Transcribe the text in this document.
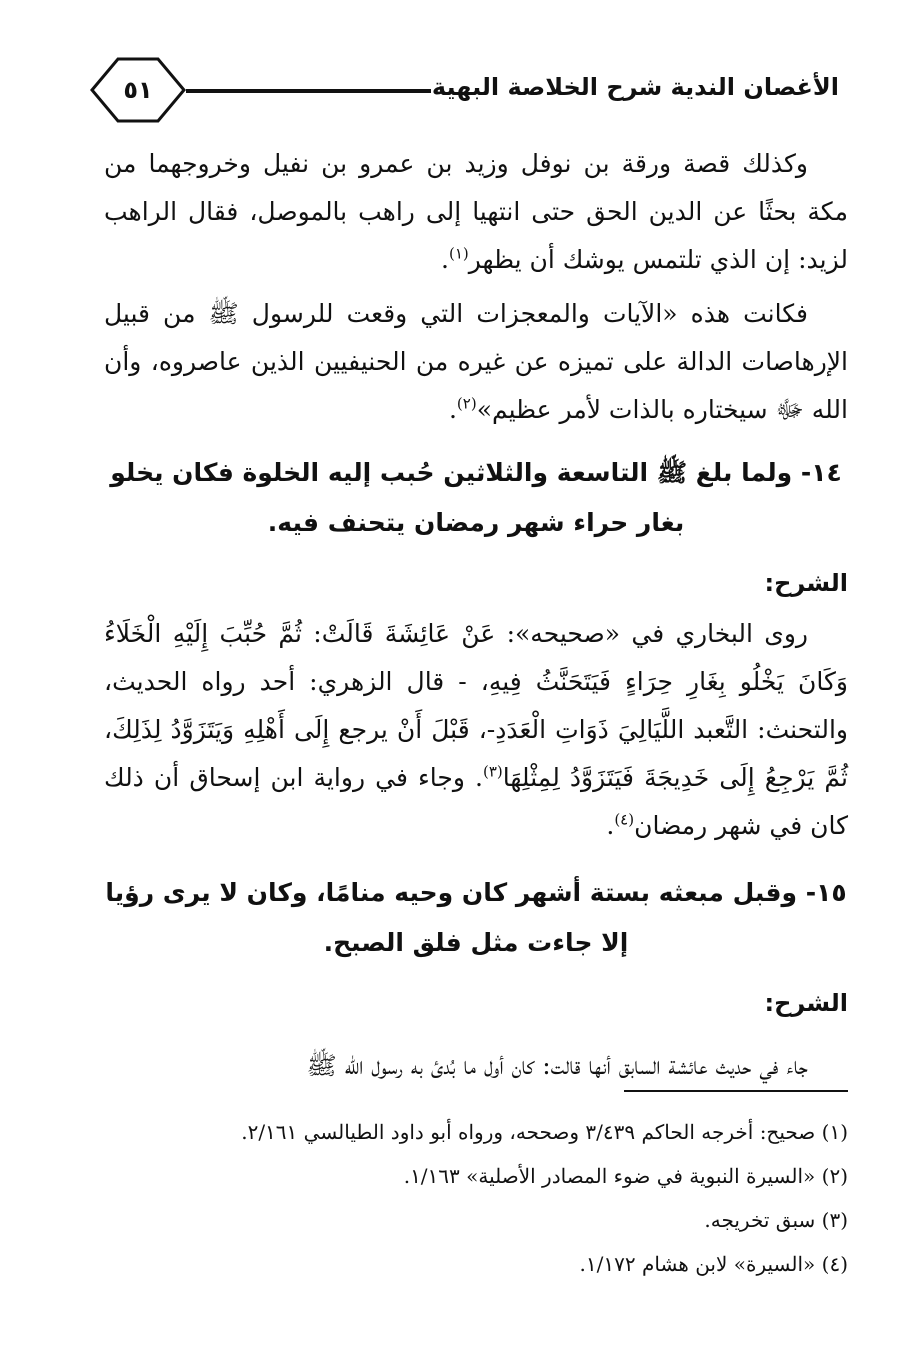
٥١	الأغصان الندية شرح الخلاصة البهية

وكذلك قصة ورقة بن نوفل وزيد بن عمرو بن نفيل وخروجهما من مكة بحثًا عن الدين الحق حتى انتهيا إلى راهب بالموصل، فقال الراهب لزيد: إن الذي تلتمس يوشك أن يظهر$^{(١)}$.

فكانت هذه «الآيات والمعجزات التي وقعت للرسول ﷺ من قبيل الإرهاصات الدالة على تميزه عن غيره من الحنيفيين الذين عاصروه، وأن الله ﷻ سيختاره بالذات لأمر عظيم»$^{(٢)}$.

١٤- ولما بلغ ﷺ التاسعة والثلاثين حُبب إليه الخلوة فكان يخلو بغار حراء شهر رمضان يتحنف فيه.
الشرح:

روى البخاري في «صحيحه»: عَنْ عَائِشَةَ قَالَتْ: ثُمَّ حُبِّبَ إِلَيْهِ الْخَلَاءُ وَكَانَ يَخْلُو بِغَارِ حِرَاءٍ فَيَتَحَنَّثُ فِيهِ، - قال الزهري: أحد رواه الحديث، والتحنث: التَّعبد اللَّيَالِيَ ذَوَاتِ الْعَدَدِ-، قَبْلَ أَنْ يرجع إِلَى أَهْلِهِ وَيَتَزَوَّدُ لِذَلِكَ، ثُمَّ يَرْجِعُ إِلَى خَدِيجَةَ فَيَتَزَوَّدُ لِمِثْلِهَا$^{(٣)}$. وجاء في رواية ابن إسحاق أن ذلك كان في شهر رمضان$^{(٤)}$.

١٥- وقبل مبعثه بستة أشهر كان وحيه منامًا، وكان لا يرى رؤيا إلا جاءت مثل فلق الصبح.
الشرح:

جاء في حديث عائشة السابق أنها قالت: كان أول ما بُدئ به رسول الله ﷺ

(١) صحيح: أخرجه الحاكم ٣/٤٣٩ وصححه، ورواه أبو داود الطيالسي ٢/١٦١.

(٢) «السيرة النبوية في ضوء المصادر الأصلية» ١/١٦٣.

(٣) سبق تخريجه.

(٤) «السيرة» لابن هشام ١/١٧٢.
